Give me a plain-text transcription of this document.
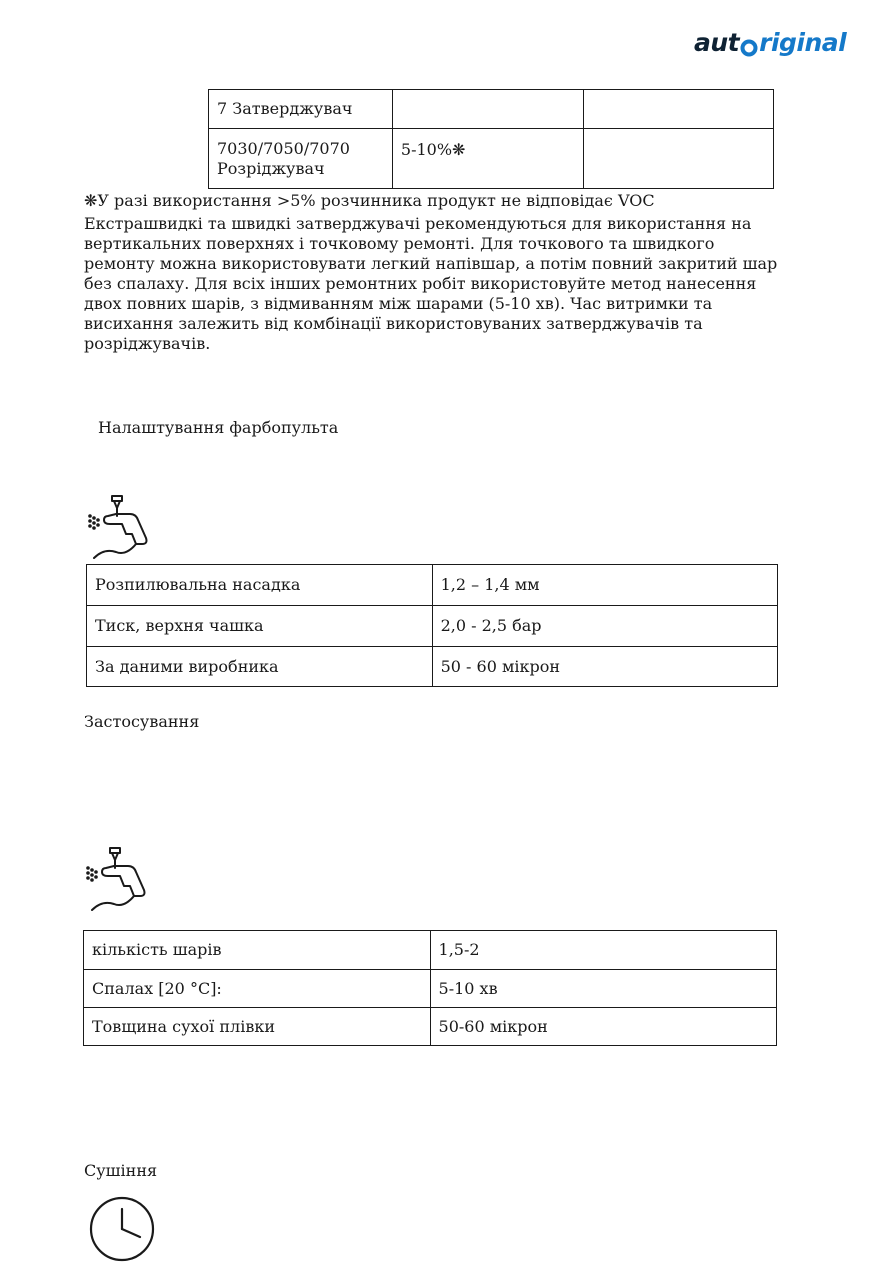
aut riginal
7 Затверджувач		
7030/7050/7070 Розріджувач	5-10%❋	
❋У разі використання >5% розчинника продукт не відповідає VOC
Екстрашвидкі та швидкі затверджувачі рекомендуються для використання на
вертикальних поверхнях і точковому ремонті. Для точкового та швидкого
ремонту можна використовувати легкий напівшар, а потім повний закритий шар
без спалаху. Для всіх інших ремонтних робіт використовуйте метод нанесення
двох повних шарів, з відмиванням між шарами (5-10 хв). Час витримки та
висихання залежить від комбінації використовуваних затверджувачів та
розріджувачів.
Налаштування фарбопульта
Розпилювальна насадка	1,2 – 1,4 мм
Тиск, верхня чашка	2,0 - 2,5 бар
За даними виробника	50 - 60 мікрон
Застосування
кількість шарів	1,5-2
Спалах [20 °C]:	5-10 хв
Товщина сухої плівки	50-60 мікрон
Сушіння
